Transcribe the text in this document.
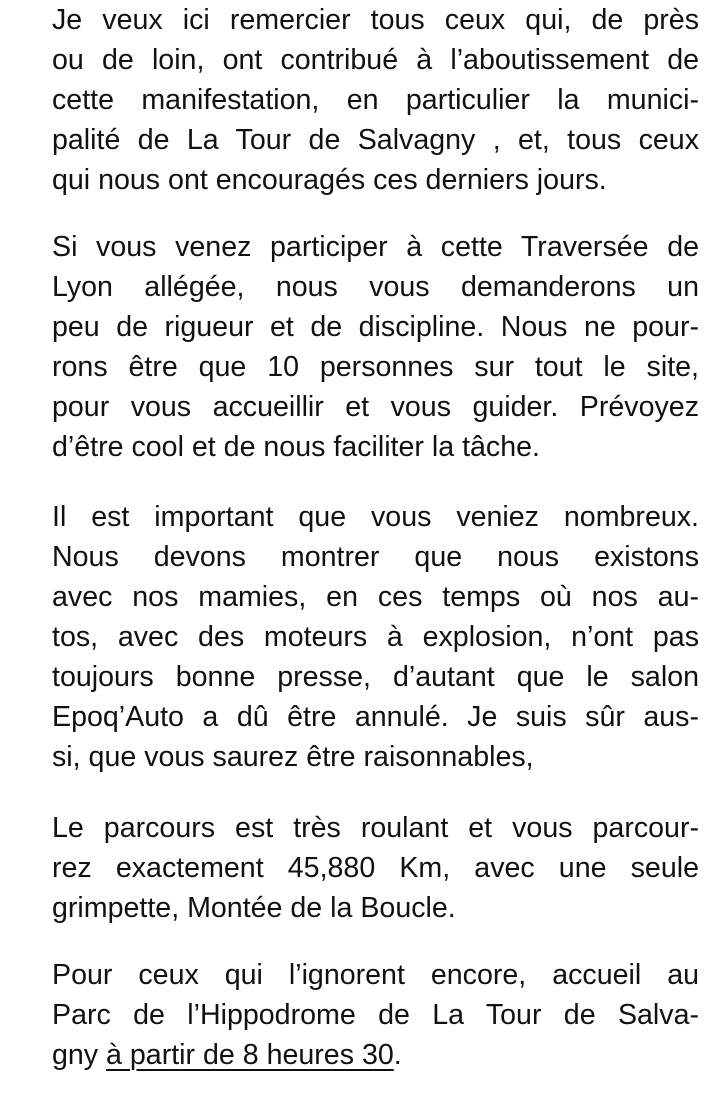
Je veux ici remercier tous ceux qui, de près
ou de loin, ont contribué à l’aboutissement de
cette manifestation, en particulier la munici-
palité de La Tour de Salvagny , et, tous ceux
qui nous ont encouragés ces derniers jours.
Si vous venez participer à cette Traversée de
Lyon allégée, nous vous demanderons un
peu de rigueur et de discipline. Nous ne pour-
rons être que 10 personnes sur tout le site,
pour vous accueillir et vous guider. Prévoyez
d’être cool et de nous faciliter la tâche.
Il est important que vous veniez nombreux.
Nous devons montrer que nous existons
avec nos mamies, en ces temps où nos au-
tos, avec des moteurs à explosion, n’ont pas
toujours bonne presse, d’autant que le salon
Epoq’Auto a dû être annulé. Je suis sûr aus-
si, que vous saurez être raisonnables,
Le parcours est très roulant et vous parcour-
rez exactement 45,880 Km, avec une seule
grimpette, Montée de la Boucle.
Pour ceux qui l’ignorent encore, accueil au
Parc de l’Hippodrome de La Tour de Salva-
gny à partir de 8 heures 30.
